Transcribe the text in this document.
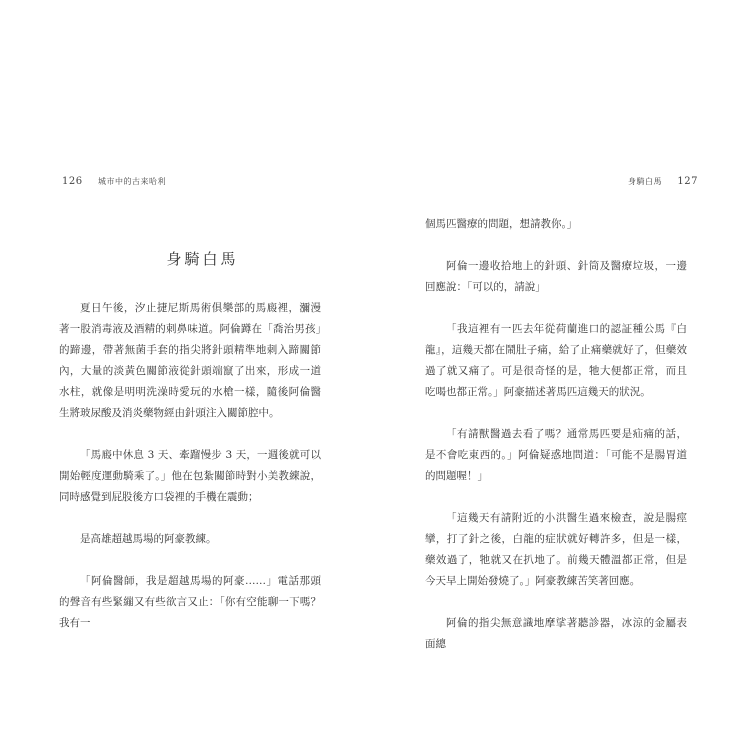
126 城市中的古来哈利
身騎白馬

夏日午後，汐止捷尼斯馬術俱樂部的馬廄裡，瀰漫著一股消毒液及酒精的刺鼻味道。阿倫蹲在「喬治男孩」的蹄邊，帶著無菌手套的指尖將針頭精準地刺入蹄關節內，大量的淡黃色關節液從針頭端竄了出來，形成一道水柱，就像是明明洗澡時愛玩的水槍一樣，隨後阿倫醫生將玻尿酸及消炎藥物經由針頭注入關節腔中。

「馬廄中休息 3 天、牽蹓慢步 3 天，一週後就可以開始輕度運動騎乘了。」他在包紮關節時對小美教練說，同時感覺到屁股後方口袋裡的手機在震動；

是高雄超越馬場的阿豪教練。

「阿倫醫師，我是超越馬場的阿豪……」電話那頭的聲音有些緊繃又有些欲言又止：「你有空能聊一下嗎？我有一

身騎白馬 127

個馬匹醫療的問題，想請教你。」

阿倫一邊收拾地上的針頭、針筒及醫療垃圾，一邊回應說：「可以的，請說」

「我這裡有一匹去年從荷蘭進口的認証種公馬『白龍』，這幾天都在鬧肚子痛，給了止痛藥就好了，但藥效過了就又痛了。可是很奇怪的是，牠大便都正常，而且吃喝也都正常。」阿豪描述著馬匹這幾天的狀況。

「有請獸醫過去看了嗎？通常馬匹要是疝痛的話，是不會吃東西的。」阿倫疑惑地問道：「可能不是腸胃道的問題喔！」

「這幾天有請附近的小洪醫生過來檢查，說是腸痙攣，打了針之後，白龍的症狀就好轉許多，但是一樣，藥效過了，牠就又在扒地了。前幾天體溫都正常，但是今天早上開始發燒了。」阿豪教練苦笑著回應。

阿倫的指尖無意識地摩挲著聽診器，冰涼的金屬表面總
